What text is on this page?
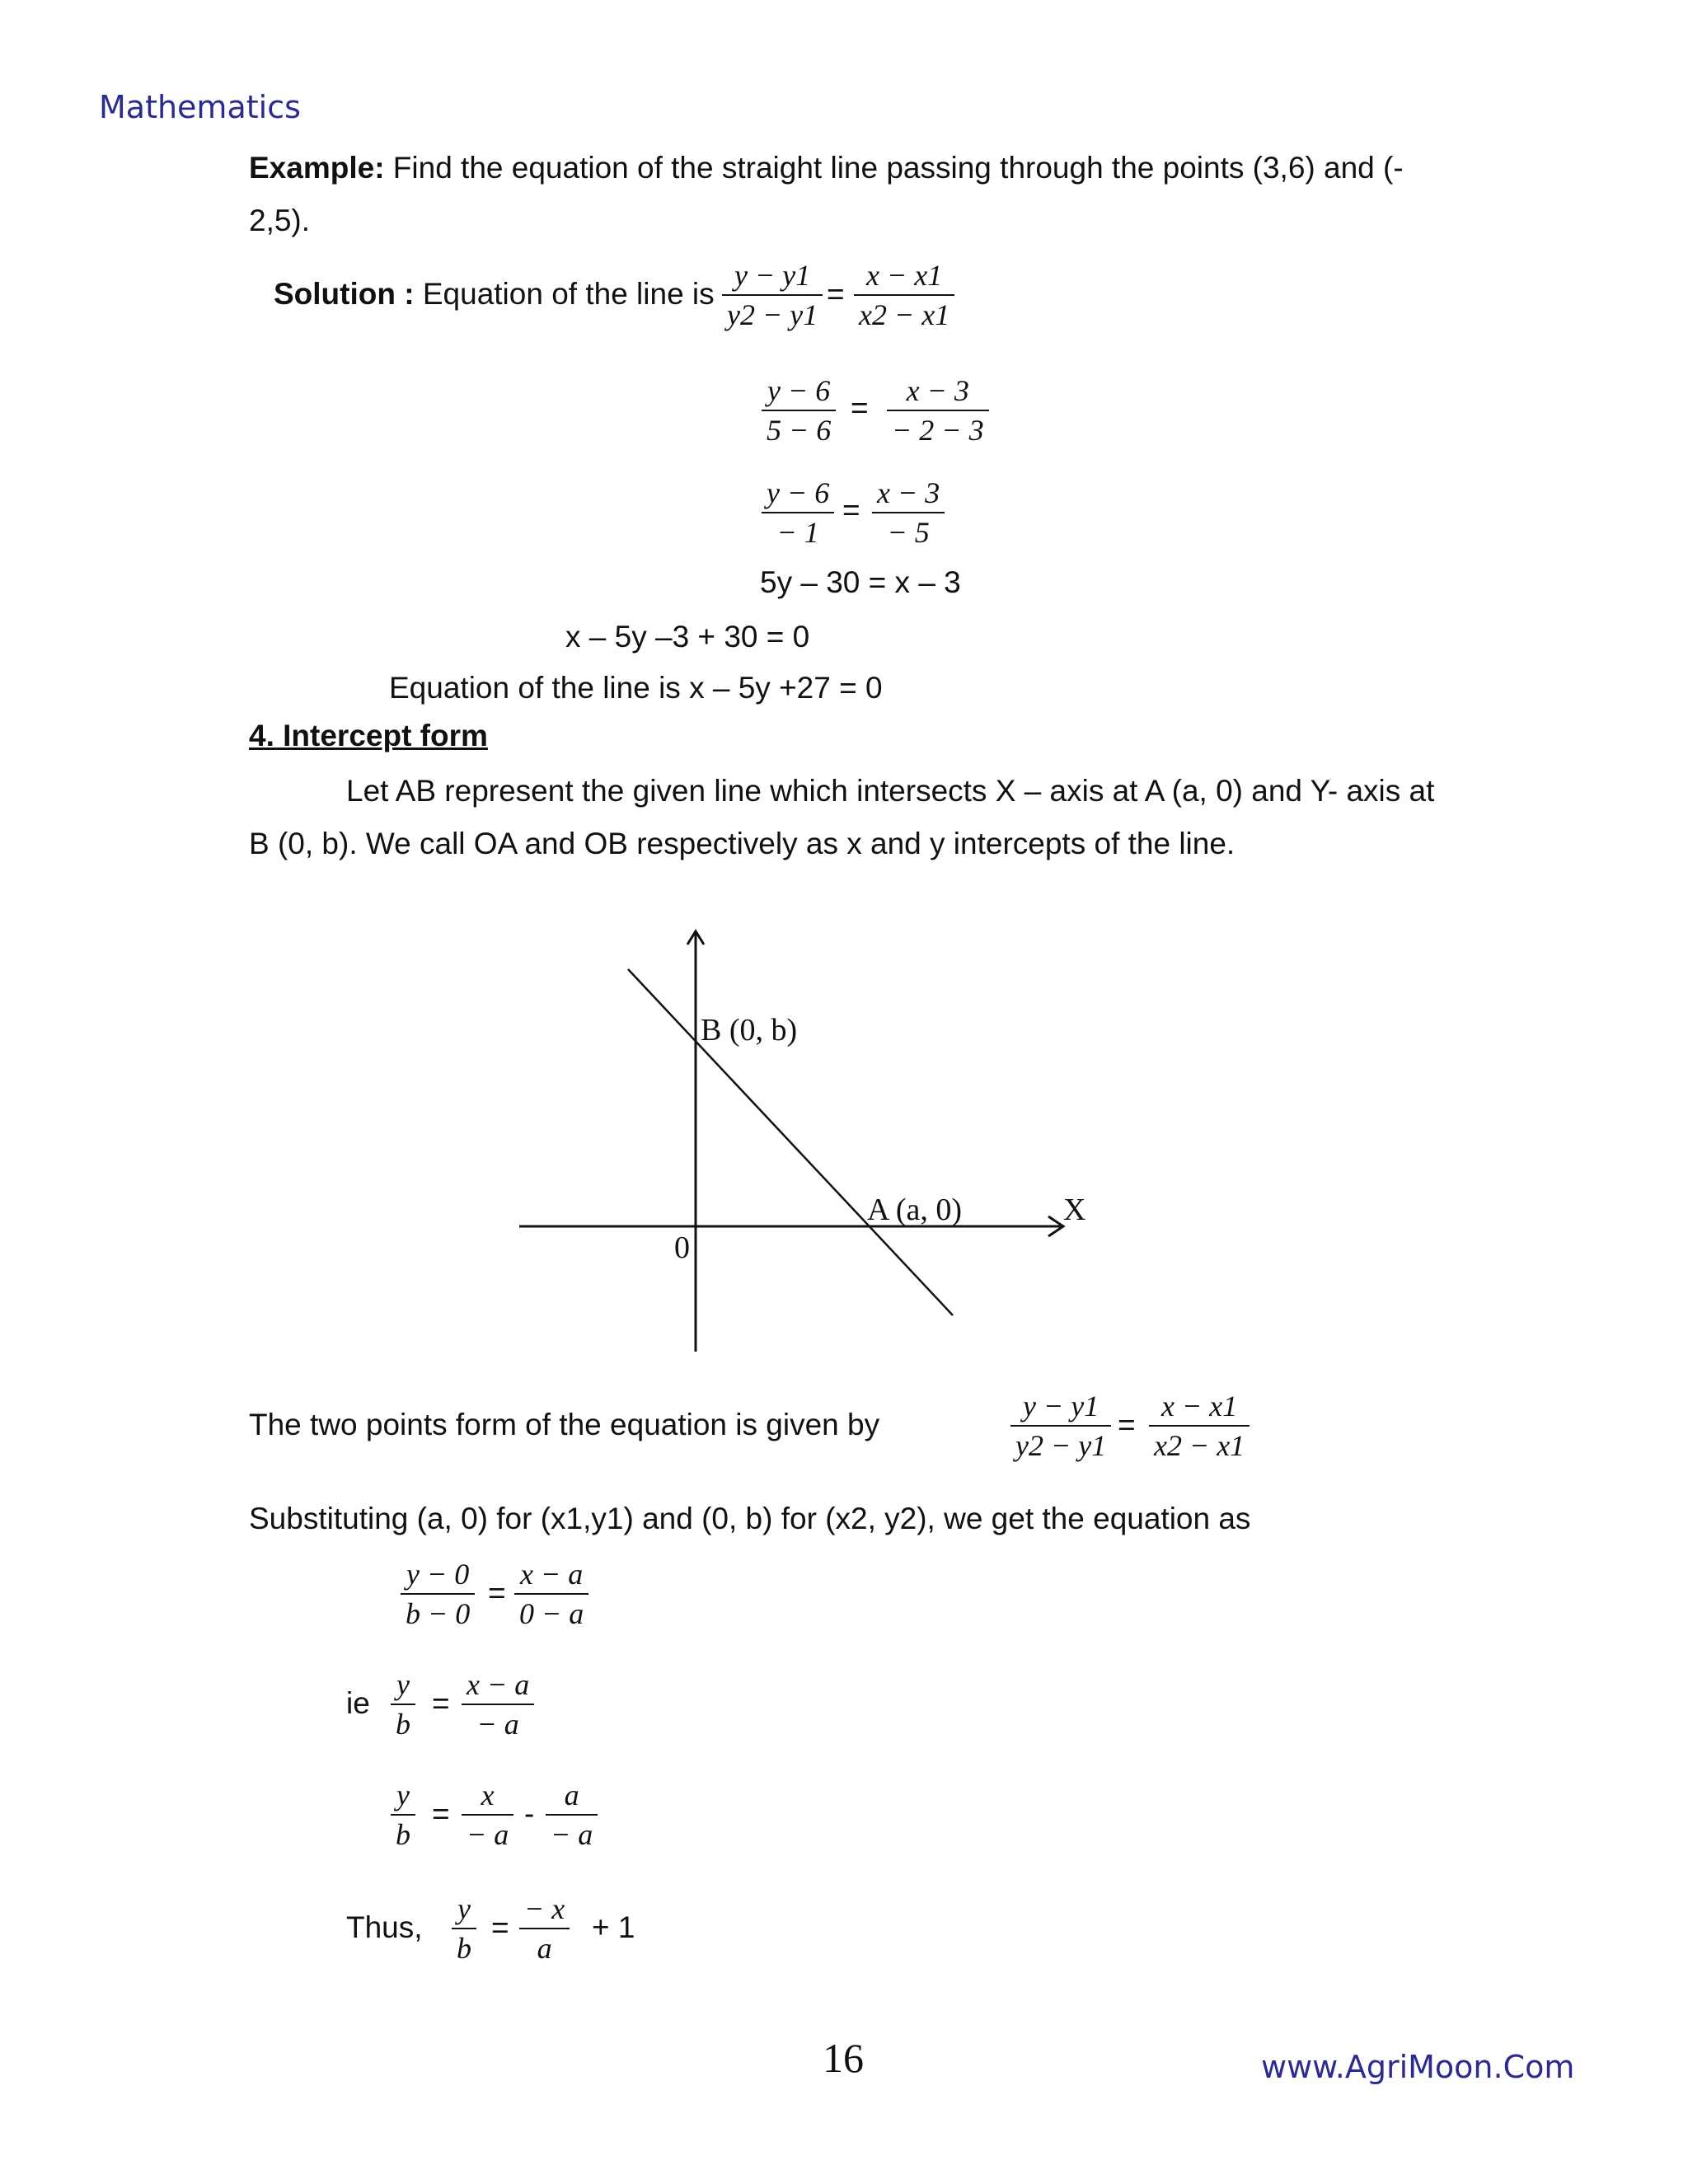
Mathematics
Example: Find the equation of the straight line passing through the points (3,6) and (-
2,5).
Solution : Equation of the line is
y − y1
y2 − y1
=
x − x1
x2 − x1
y − 6
5 − 6
= x − 3
− 2 − 3
y − 6
− 1
= x − 3
− 5
5y – 30 = x – 3
x – 5y –3 + 30 = 0
Equation of the line is x – 5y +27 = 0
4. Intercept form
Let AB represent the given line which intersects X – axis at A (a, 0) and Y- axis at
B (0, b). We call OA and OB respectively as x and y intercepts of the line.
B (0, b)
A (a, 0)	X
0
The two points form of the equation is given by
y − y1
y2 − y1
=
x − x1
x2 − x1
Substituting (a, 0) for (x1,y1) and (0, b) for (x2, y2), we get the equation as
y − 0
b − 0
=
x − a
0 − a
ie
y
b
=
x − a
− a
y
b
=
x
− a
-
a
− a
Thus,
y
b
=
− x
a
+ 1
16	www.AgriMoon.Com
